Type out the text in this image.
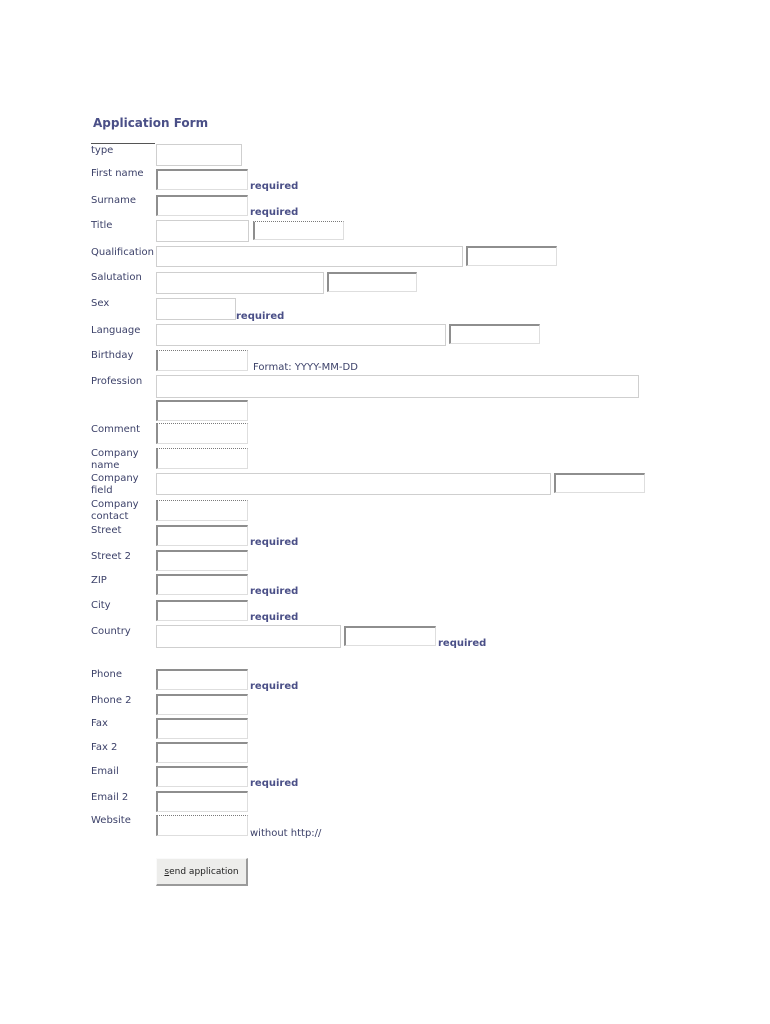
Application Form
type
First name
required
Surname
required
Title
Qualification
Salutation
Sex
required
Language
Birthday
Format: YYYY-MM-DD
Profession
Comment
Company name
Company field
Company contact
Street
required
Street 2
ZIP
required
City
required
Country
required
Phone
required
Phone 2
Fax
Fax 2
Email
required
Email 2
Website
without http://
send application
